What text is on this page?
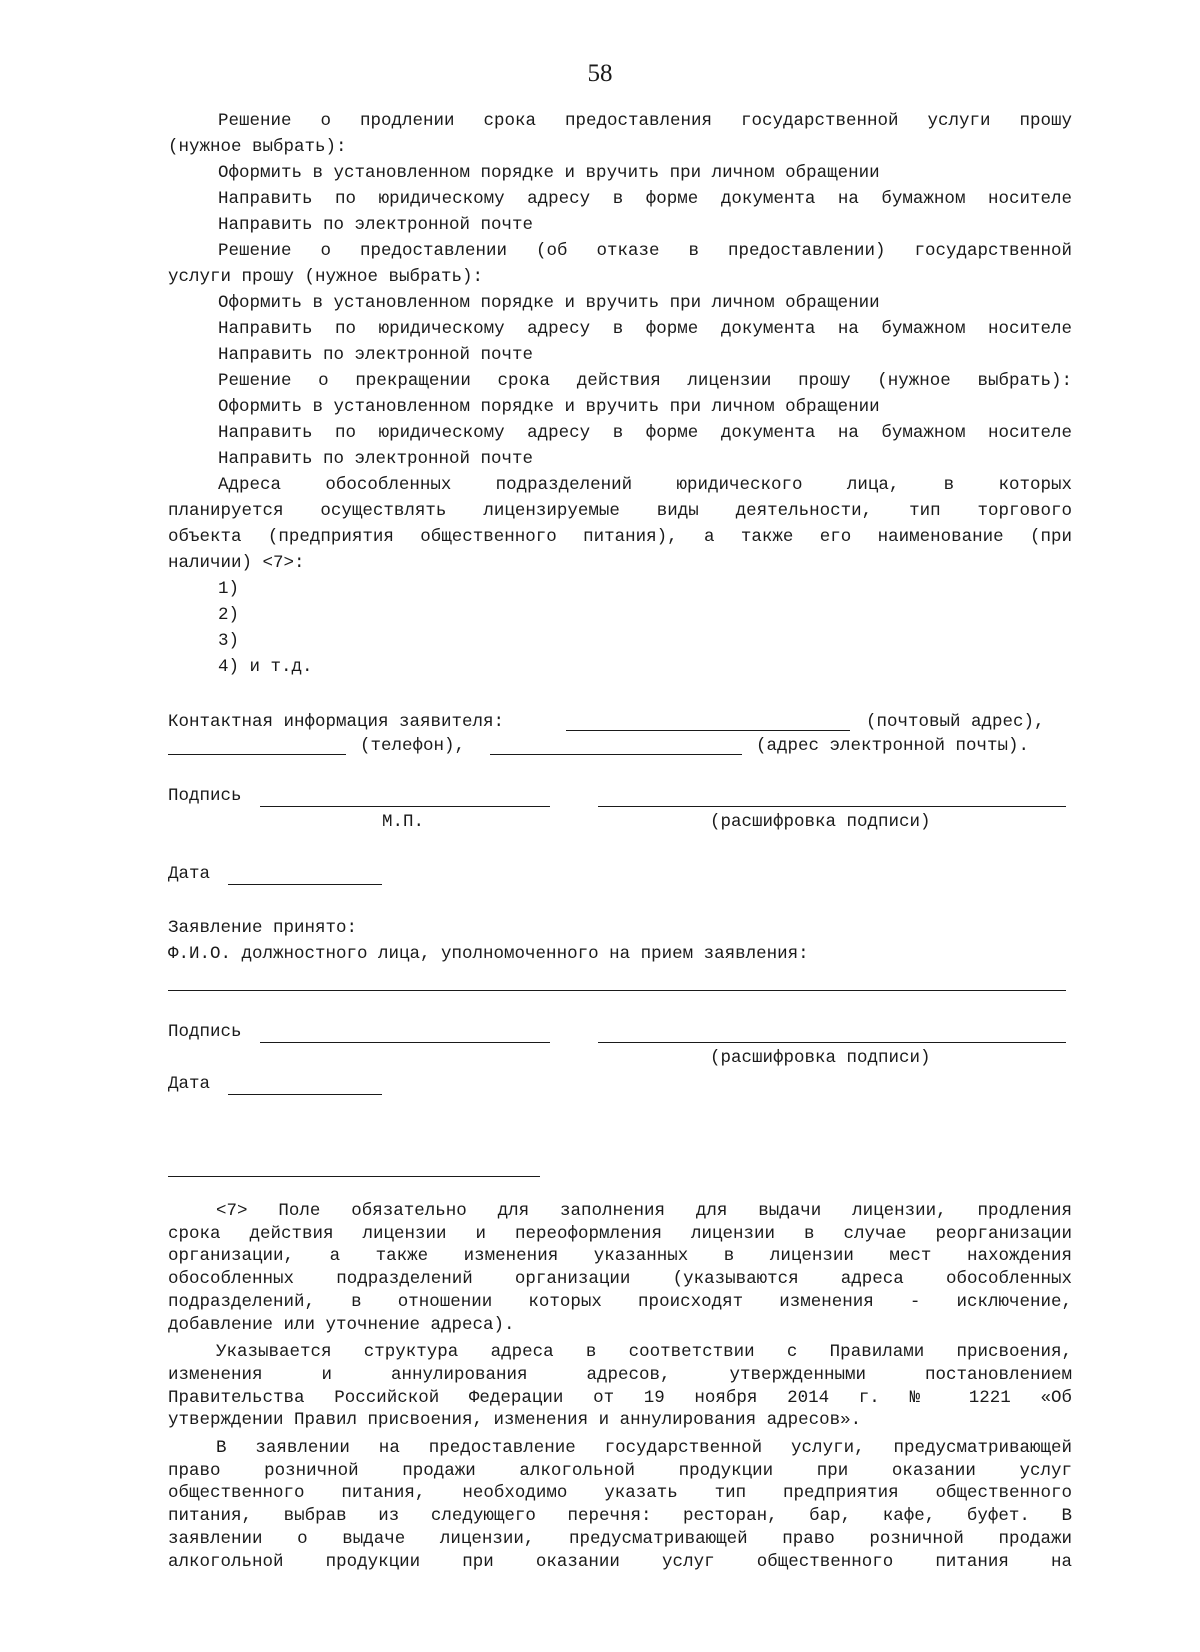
58
Решение о продлении срока предоставления государственной услуги прошу
(нужное выбрать):
Оформить в установленном порядке и вручить при личном обращении
Направить по юридическому адресу в форме документа на бумажном носителе
Направить по электронной почте
Решение о предоставлении (об отказе в предоставлении) государственной
услуги прошу (нужное выбрать):
Оформить в установленном порядке и вручить при личном обращении
Направить по юридическому адресу в форме документа на бумажном носителе
Направить по электронной почте
Решение о прекращении срока действия лицензии прошу (нужное выбрать):
Оформить в установленном порядке и вручить при личном обращении
Направить по юридическому адресу в форме документа на бумажном носителе
Направить по электронной почте
Адреса обособленных подразделений юридического лица, в которых
планируется осуществлять лицензируемые виды деятельности, тип торгового
объекта (предприятия общественного питания), а также его наименование (при
наличии) <7>:
1)
2)
3)
4) и т.д.
Контактная информация заявителя:	(почтовый адрес),
(телефон),	(адрес электронной почты).
Подпись
М.П.	(расшифровка подписи)
Дата
Заявление принято:
Ф.И.О. должностного лица, уполномоченного на прием заявления:
Подпись
(расшифровка подписи)
Дата

<7> Поле обязательно для заполнения для выдачи лицензии, продления
срока действия лицензии и переоформления лицензии в случае реорганизации
организации, а также изменения указанных в лицензии мест нахождения
обособленных подразделений организации (указываются адреса обособленных
подразделений, в отношении которых происходят изменения - исключение,
добавление или уточнение адреса).

Указывается структура адреса в соответствии с Правилами присвоения,
изменения и аннулирования адресов, утвержденными постановлением
Правительства Российской Федерации от 19 ноября 2014 г. № 1221 «Об
утверждении Правил присвоения, изменения и аннулирования адресов».

В заявлении на предоставление государственной услуги, предусматривающей
право розничной продажи алкогольной продукции при оказании услуг
общественного питания, необходимо указать тип предприятия общественного
питания, выбрав из следующего перечня: ресторан, бар, кафе, буфет. В
заявлении о выдаче лицензии, предусматривающей право розничной продажи
алкогольной продукции при оказании услуг общественного питания на
